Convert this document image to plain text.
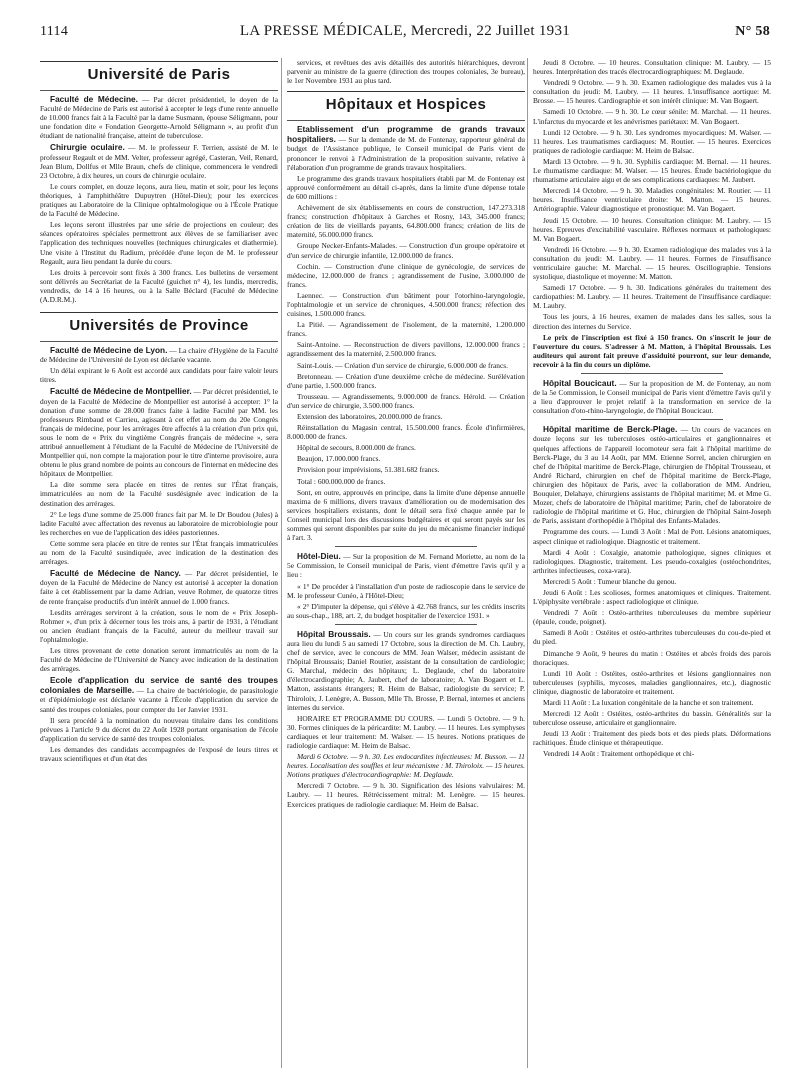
1114	LA PRESSE MÉDICALE, Mercredi, 22 Juillet 1931	N° 58
Université de Paris

Faculté de Médecine. — Par décret présidentiel, le doyen de la Faculté de Médecine de Paris est autorisé à accepter le legs d'une rente annuelle de 10.000 francs fait à la Faculté par la dame Susmann, épouse Séligmann, pour une fondation dite « Fondation Georgette-Arnold Séligmann », au profit d'un étudiant de nationalité française, atteint de tuberculose.

Chirurgie oculaire. — M. le professeur F. Terrien, assisté de M. le professeur Regault et de MM. Velter, professeur agrégé, Casteran, Veil, Renard, Jean Blum, Dollfus et Mlle Braun, chefs de clinique, commencera le vendredi 23 Octobre, à dix heures, un cours de chirurgie oculaire.

Le cours complet, en douze leçons, aura lieu, matin et soir, pour les leçons théoriques, à l'amphithéâtre Dupuytren (Hôtel-Dieu); pour les exercices pratiques au Laboratoire de la Clinique ophtalmologique ou à l'École Pratique de la Faculté de Médecine.

Les leçons seront illustrées par une série de projections en couleur; des séances opératoires spéciales permettront aux élèves de se familiariser avec l'application des techniques nouvelles (techniques chirurgicales et diathermie). Une visite à l'Institut du Radium, précédée d'une leçon de M. le professeur Regault, aura lieu pendant la durée du cours.

Les droits à percevoir sont fixés à 300 francs. Les bulletins de versement sont délivrés au Secrétariat de la Faculté (guichet n° 4), les lundis, mercredis, vendredis, de 14 à 16 heures, ou à la Salle Béclard (Faculté de Médecine (A.D.R.M.).

Universités de Province

Faculté de Médecine de Lyon. — La chaire d'Hygiène de la Faculté de Médecine de l'Université de Lyon est déclarée vacante.

Un délai expirant le 6 Août est accordé aux candidats pour faire valoir leurs titres.

Faculté de Médecine de Montpellier. — Par décret présidentiel, le doyen de la Faculté de Médecine de Montpellier est autorisé à accepter: 1° la donation d'une somme de 28.000 francs faite à ladite Faculté par MM. les professeurs Rimbaud et Carrieu, agissant à cet effet au nom du 20e Congrès français de médecine, pour les arrérages être affectés à la création d'un prix qui, sous le nom de « Prix du vingtième Congrès français de médecine », sera attribué annuellement à l'étudiant de la Faculté de Médecine de l'Université de Montpellier qui, non compte la majoration pour le titre d'interne provisoire, aura obtenu le plus grand nombre de points au concours de l'internat en médecine des hôpitaux de Montpellier.

La dite somme sera placée en titres de rentes sur l'État français, immatriculées au nom de la Faculté susdésignée avec indication de la destination des arrérages.

2° Le legs d'une somme de 25.000 francs fait par M. le Dr Boudou (Jules) à ladite Faculté avec affectation des revenus au laboratoire de microbiologie pour les recherches en vue de l'application des idées pastoriennes.

Cette somme sera placée en titre de rentes sur l'État français immatriculées au nom de la Faculté susindiquée, avec indication de la destination des arrérages.

Faculté de Médecine de Nancy. — Par décret présidentiel, le doyen de la Faculté de Médecine de Nancy est autorisé à accepter la donation faite à cet établissement par la dame Adrian, veuve Rohmer, de quatorze titres de rente française productifs d'un intérêt annuel de 1.000 francs.

Lesdits arrérages serviront à la création, sous le nom de « Prix Joseph-Rohmer », d'un prix à décerner tous les trois ans, à partir de 1931, à l'étudiant ou ancien étudiant français de la Faculté, auteur du meilleur travail sur l'ophtalmologie.

Les titres provenant de cette donation seront immatriculés au nom de la Faculté de Médecine de l'Université de Nancy avec indication de la destination des arrérages.

Ecole d'application du service de santé des troupes coloniales de Marseille. — La chaire de bactériologie, de parasitologie et d'épidémiologie est déclarée vacante à l'École d'application du service de santé des troupes coloniales, pour compter du 1er Janvier 1931.

Il sera procédé à la nomination du nouveau titulaire dans les conditions prévues à l'article 9 du décret du 22 Août 1928 portant organisation de l'école d'application du service de santé des troupes coloniales.

Les demandes des candidats accompagnées de l'exposé de leurs titres et travaux scientifiques et d'un état des

services, et revêtues des avis détaillés des autorités hiérarchiques, devront parvenir au ministre de la guerre (direction des troupes coloniales, 3e bureau), le 1er Novembre 1931 au plus tard.

Hôpitaux et Hospices

Etablissement d'un programme de grands travaux hospitaliers. — Sur la demande de M. de Fontenay, rapporteur général du budget de l'Assistance publique, le Conseil municipal de Paris vient de prononcer le renvoi à l'Administration de la proposition suivante, relative à l'élaboration d'un programme de grands travaux hospitaliers.

Le programme des grands travaux hospitaliers établi par M. de Fontenay est approuvé conformément au détail ci-après, dans la limite d'une dépense totale de 600 millions :

Achèvement de six établissements en cours de construction, 147.273.318 francs; construction d'hôpitaux à Garches et Rosny, 143, 345.000 francs; création de lits de vieillards payants, 64.800.000 francs; création de lits de maternité, 56.000.000 francs.

Groupe Necker-Enfants-Malades. — Construction d'un groupe opératoire et d'un service de chirurgie infantile, 12.000.000 de francs.

Cochin. — Construction d'une clinique de gynécologie, de services de médecine, 12.000.000 de francs ; agrandissement de l'usine, 3.000.000 de francs.

Laennec. — Construction d'un bâtiment pour l'otorhino-laryngologie, l'ophtalmologie et un service de chroniques, 4.500.000 francs; réfection des cuisines, 1.500.000 francs.

La Pitié. — Agrandissement de l'isolement, de la maternité, 1.200.000 francs.

Saint-Antoine. — Reconstruction de divers pavillons, 12.000.000 francs ; agrandissement des la maternité, 2.500.000 francs.

Saint-Louis. — Création d'un service de chirurgie, 6.000.000 de francs.

Bretonneau. — Création d'une deuxième crèche de médecine. Surélévation d'une partie, 1.500.000 francs.

Trousseau. — Agrandissements, 9.000.000 de francs. Hérold. — Création d'un service de chirurgie, 3.500.000 francs.

Extension des laboratoires, 20.000.000 de francs.

Réinstallation du Magasin central, 15.500.000 francs. École d'infirmières, 8.000.000 de francs.

Hôpital de secours, 8.000.000 de francs.

Beaujon, 17.000.000 francs.

Provision pour imprévisions, 51.381.682 francs.

Total : 600.000.000 de francs.

Sont, en outre, approuvés en principe, dans la limite d'une dépense annuelle maxima de 6 millions, divers travaux d'amélioration ou de modernisation des services hospitaliers existants, dont le détail sera fixé chaque année par le Conseil municipal lors des discussions budgétaires et qui seront payés sur les sommes qui seront disponibles par suite du jeu du mécanisme financier indiqué à l'art. 3.

Hôtel-Dieu. — Sur la proposition de M. Fernand Moriette, au nom de la 5e Commission, le Conseil municipal de Paris, vient d'émettre l'avis qu'il y a lieu :

« 1° De procéder à l'installation d'un poste de radioscopie dans le service de M. le professeur Cunéo, à l'Hôtel-Dieu;

« 2° D'imputer la dépense, qui s'élève à 42.768 francs, sur les crédits inscrits au sous-chap., 188, art. 2, du budget hospitalier de l'exercice 1931. »

Hôpital Broussais. — Un cours sur les grands syndromes cardiaques aura lieu du lundi 5 au samedi 17 Octobre, sous la direction de M. Ch. Laubry, chef de service, avec le concours de MM. Jean Walser, médecin assistant de l'hôpital Broussais; Daniel Routier, assistant de la consultation de cardiologie; G. Marchal, médecin des hôpitaux; L. Deglaude, chef du laboratoire d'électrocardiographie; A. Jaubert, chef de laboratoire; A. Van Bogaert et L. Matton, assistants étrangers; R. Heim de Balsac, radiologiste du service; P. Thiroloix, J. Lenègre, A. Busson, Mlle Th. Brosse, P. Bernal, internes et anciens internes du service.

HORAIRE ET PROGRAMME DU COURS. — Lundi 5 Octobre. — 9 h. 30. Formes cliniques de la péricardite: M. Laubry. — 11 heures. Les symphyses cardiaques et leur traitement: M. Walser. — 15 heures. Notions pratiques de radiologie cardiaque: M. Heim de Balsac.

Mardi 6 Octobre. — 9 h. 30. Les endocardites infectieuses: M. Busson. — 11 heures. Localisation des souffles et leur mécanisme : M. Thiroloix. — 15 heures. Notions pratiques d'électrocardiographie: M. Deglaude.

Mercredi 7 Octobre. — 9 h. 30. Signification des lésions valvulaires: M. Laubry. — 11 heures. Rétrécissement mitral: M. Lenègre. — 15 heures. Exercices pratiques de radiologie cardiaque: M. Heim de Balsac.

Jeudi 8 Octobre. — 10 heures. Consultation clinique: M. Laubry. — 15 heures. Interprétation des tracés électrocardiographiques: M. Deglaude.

Vendredi 9 Octobre. — 9 h. 30. Examen radiologique des malades vus à la consultation du jeudi: M. Laubry. — 11 heures. L'insuffisance aortique: M. Brosse. — 15 heures. Cardiographie et son intérêt clinique: M. Van Bogaert.

Samedi 10 Octobre. — 9 h. 30. Le cœur sénile: M. Marchal. — 11 heures. L'infarctus du myocarde et les anévrismes pariétaux: M. Van Bogaert.

Lundi 12 Octobre. — 9 h. 30. Les syndromes myocardiques: M. Walser. — 11 heures. Les traumatismes cardiaques: M. Routier. — 15 heures. Exercices pratiques de radiologie cardiaque: M. Heim de Balsac.

Mardi 13 Octobre. — 9 h. 30. Syphilis cardiaque: M. Bernal. — 11 heures. Le rhumatisme cardiaque: M. Walser. — 15 heures. Étude bactériologique du rhumatisme articulaire aigu et de ses complications cardiaques: M. Jaubert.

Mercredi 14 Octobre. — 9 h. 30. Maladies congénitales: M. Routier. — 11 heures. Insuffisance ventriculaire droite: M. Matton. — 15 heures. Artériographie. Valeur diagnostique et pronostique: M. Van Bogaert.

Jeudi 15 Octobre. — 10 heures. Consultation clinique: M. Laubry. — 15 heures. Epreuves d'excitabilité vasculaire. Réflexes normaux et pathologiques: M. Van Bogaert.

Vendredi 16 Octobre. — 9 h. 30. Examen radiologique des malades vus à la consultation du jeudi: M. Laubry. — 11 heures. Formes de l'insuffisance ventriculaire gauche: M. Marchal. — 15 heures. Oscillographie. Tensions systolique, diastolique et moyenne: M. Matton.

Samedi 17 Octobre. — 9 h. 30. Indications générales du traitement des cardiopathies: M. Laubry. — 11 heures. Traitement de l'insuffisance cardiaque: M. Laubry.

Tous les jours, à 16 heures, examen de malades dans les salles, sous la direction des internes du Service.

Le prix de l'inscription est fixé à 150 francs. On s'inscrit le jour de l'ouverture du cours. S'adresser à M. Matton, à l'hôpital Broussais. Les auditeurs qui auront fait preuve d'assiduité pourront, sur leur demande, recevoir à la fin du cours un diplôme.

Hôpital Boucicaut. — Sur la proposition de M. de Fontenay, au nom de la 5e Commission, le Conseil municipal de Paris vient d'émettre l'avis qu'il y a lieu d'approuver le projet relatif à la transformation en service de la consultation d'oto-rhino-laryngologie, de l'hôpital Boucicaut.

Hôpital maritime de Berck-Plage. — Un cours de vacances en douze leçons sur les tuberculoses ostéo-articulaires et ganglionnaires et quelques affections de l'appareil locomoteur sera fait à l'hôpital maritime de Berck-Plage, du 3 au 14 Août, par MM. Etienne Sorrel, ancien chirurgien en chef de l'hôpital maritime de Berck-Plage, chirurgien de l'hôpital Trousseau, et André Richard, chirurgien en chef de l'hôpital maritime de Berck-Plage, chirurgien des hôpitaux de Paris, avec la collaboration de MM. Andrieu, Bouquier, Delahaye, chirurgiens assistants de l'hôpital maritime; M. et Mme G. Mozer, chefs de laboratoire de l'hôpital maritime; Parin, chef de laboratoire de radiologie de l'hôpital maritime et G. Huc, chirurgien de l'hôpital Saint-Joseph de Paris, assistant d'orthopédie à l'hôpital des Enfants-Malades.

Programme des cours. — Lundi 3 Août : Mal de Pott. Lésions anatomiques, aspect clinique et radiologique. Diagnostic et traitement.

Mardi 4 Août : Coxalgie, anatomie pathologique, signes cliniques et radiologiques. Diagnostic, traitement. Les pseudo-coxalgies (ostéochondrites, arthrites infectieuses, coxa-vara).

Mercredi 5 Août : Tumeur blanche du genou.

Jeudi 6 Août : Les scolioses, formes anatomiques et cliniques. Traitement. L'épiphysite vertébrale : aspect radiologique et clinique.

Vendredi 7 Août : Ostéo-arthrites tuberculeuses du membre supérieur (épaule, coude, poignet).

Samedi 8 Août : Ostéites et ostéo-arthrites tuberculeuses du cou-de-pied et du pied.

Dimanche 9 Août, 9 heures du matin : Ostéites et abcès froids des parois thoraciques.

Lundi 10 Août : Ostéites, ostéo-arthrites et lésions ganglionnaires non tuberculeuses (syphilis, mycoses, maladies ganglionnaires, etc.), diagnostic clinique, diagnostic de laboratoire et traitement.

Mardi 11 Août : La luxation congénitale de la hanche et son traitement.

Mercredi 12 Août : Ostéites, ostéo-arthrites du bassin. Généralités sur la tuberculose osseuse, articulaire et ganglionnaire.

Jeudi 13 Août : Traitement des pieds bots et des pieds plats. Déformations rachitiques. Étude clinique et thérapeutique.

Vendredi 14 Août : Traitement orthopédique et chi-
